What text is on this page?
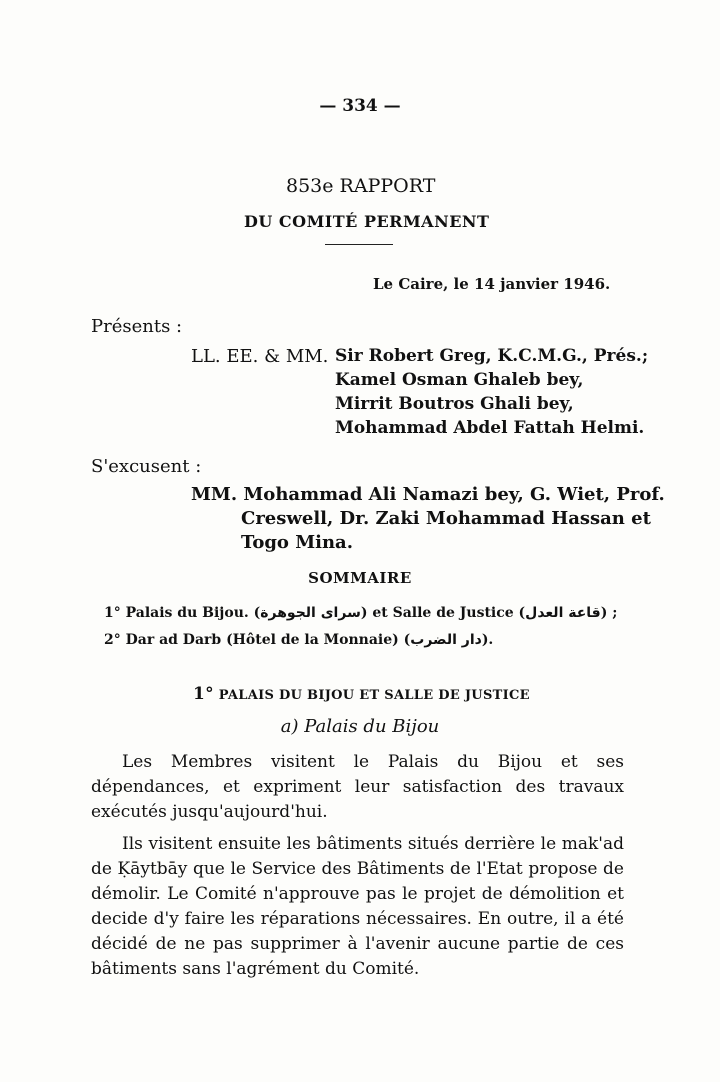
— 334 —
853e RAPPORT
DU COMITÉ PERMANENT
Le Caire, le 14 janvier 1946.
Présents :
LL. EE. & MM. Sir Robert Greg, K.C.M.G., Prés.;
Kamel Osman Ghaleb bey,
Mirrit Boutros Ghali bey,
Mohammad Abdel Fattah Helmi.
S'excusent :
MM. Mohammad Ali Namazi bey, G. Wiet, Prof.
Creswell, Dr. Zaki Mohammad Hassan et
Togo Mina.
SOMMAIRE
1° Palais du Bijou. (سراى الجوهرة) et Salle de Justice (قاعة العدل) ;
2° Dar ad Darb (Hôtel de la Monnaie) (دار الضرب).
1° PALAIS DU BIJOU ET SALLE DE JUSTICE
a) Palais du Bijou

Les Membres visitent le Palais du Bijou et ses dépendances, et expriment leur satisfaction des travaux exécutés jusqu'aujourd'hui.

Ils visitent ensuite les bâtiments situés derrière le mak'ad de Ḳāytbāy que le Service des Bâtiments de l'Etat propose de démolir. Le Comité n'approuve pas le projet de démolition et decide d'y faire les réparations nécessaires. En outre, il a été décidé de ne pas supprimer à l'avenir aucune partie de ces bâtiments sans l'agrément du Comité.
